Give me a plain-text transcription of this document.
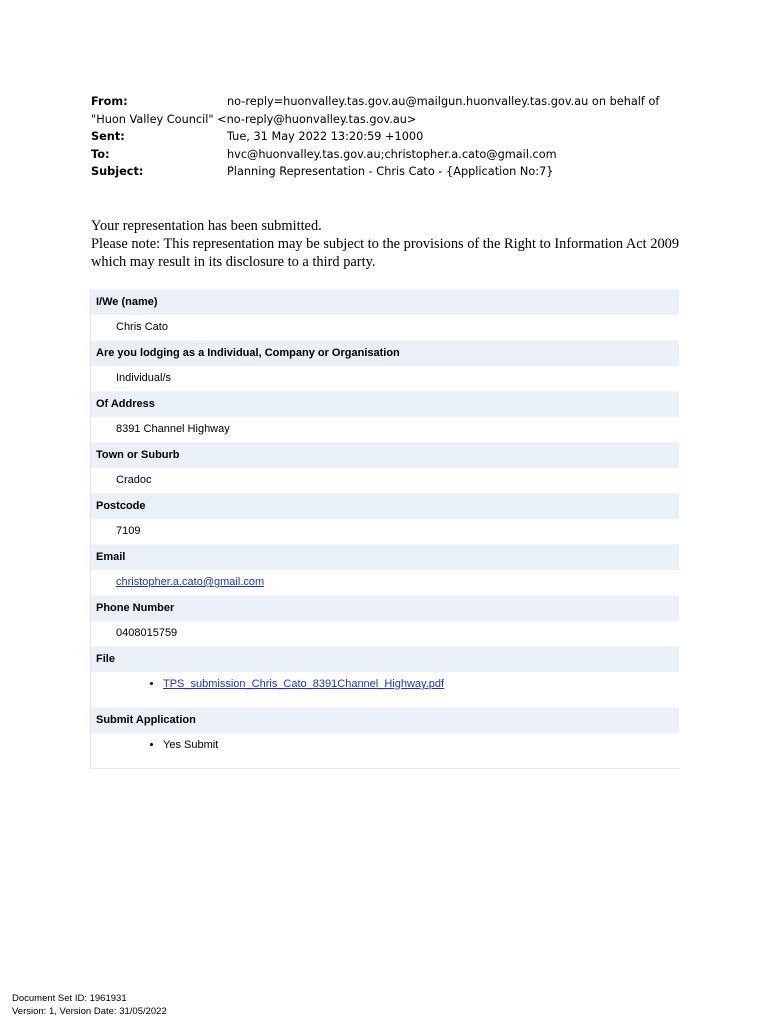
From:	no-reply=huonvalley.tas.gov.au@mailgun.huonvalley.tas.gov.au on behalf of
"Huon Valley Council" <no-reply@huonvalley.tas.gov.au>
Sent:	Tue, 31 May 2022 13:20:59 +1000
To:	hvc@huonvalley.tas.gov.au;christopher.a.cato@gmail.com
Subject:	Planning Representation - Chris Cato - {Application No:7}

Your representation has been submitted.

Please note: This representation may be subject to the provisions of the Right to Information Act 2009 which may result in its disclosure to a third party.

I/We (name)
Chris Cato
Are you lodging as a Individual, Company or Organisation
Individual/s
Of Address
8391 Channel Highway
Town or Suburb
Cradoc
Postcode
7109
Email
christopher.a.cato@gmail.com
Phone Number
0408015759
File
• TPS_submission_Chris_Cato_8391Channel_Highway.pdf
Submit Application
• Yes Submit
Document Set ID: 1961931
Version: 1, Version Date: 31/05/2022
